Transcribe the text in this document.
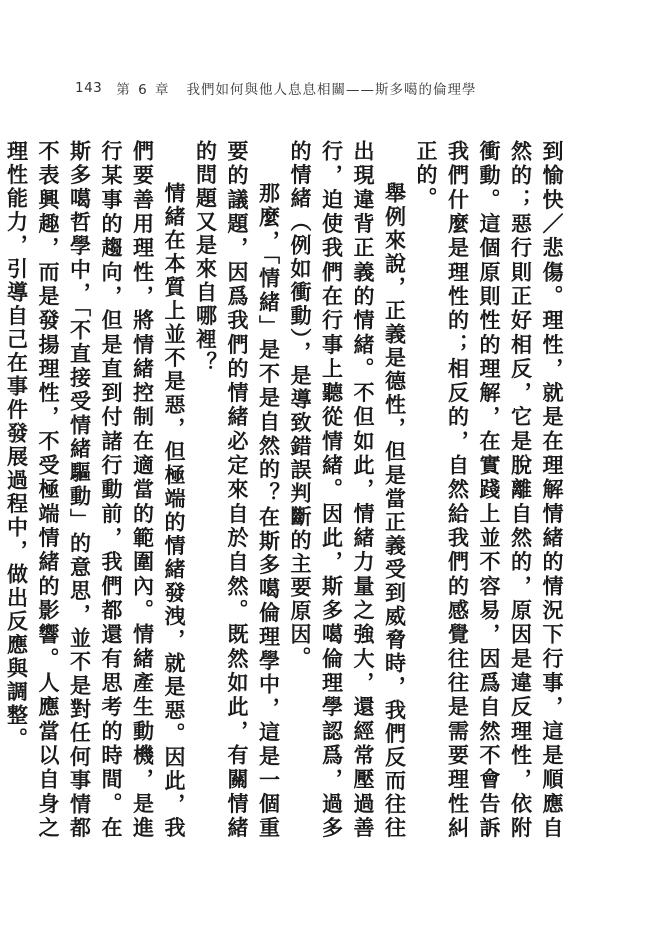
143 第 6 章 我們如何與他人息息相關——斯多噶的倫理學

到愉快／悲傷。理性，就是在理解情緒的情況下行事，這是順應自然的；惡行則正好相反，它是脫離自然的，原因是違反理性，依附衝動。這個原則性的理解，在實踐上並不容易，因爲自然不會告訴我們什麼是理性的；相反的，自然給我們的感覺往往是需要理性糾正的。

舉例來說，正義是德性，但是當正義受到威脅時，我們反而往往出現違背正義的情緒。不但如此，情緒力量之強大，還經常壓過善行，迫使我們在行事上聽從情緒。因此，斯多噶倫理學認爲，過多的情緒（例如衝動），是導致錯誤判斷的主要原因。

那麼，「情緒」是不是自然的？在斯多噶倫理學中，這是一個重要的議題，因爲我們的情緒必定來自於自然。既然如此，有關情緒的問題又是來自哪裡？

情緒在本質上並不是惡，但極端的情緒發洩，就是惡。因此，我們要善用理性，將情緒控制在適當的範圍內。情緒產生動機，是進行某事的趨向，但是直到付諸行動前，我們都還有思考的時間。在斯多噶哲學中，「不直接受情緒驅動」的意思，並不是對任何事情都不表興趣，而是發揚理性，不受極端情緒的影響。人應當以自身之理性能力，引導自己在事件發展過程中，做出反應與調整。
